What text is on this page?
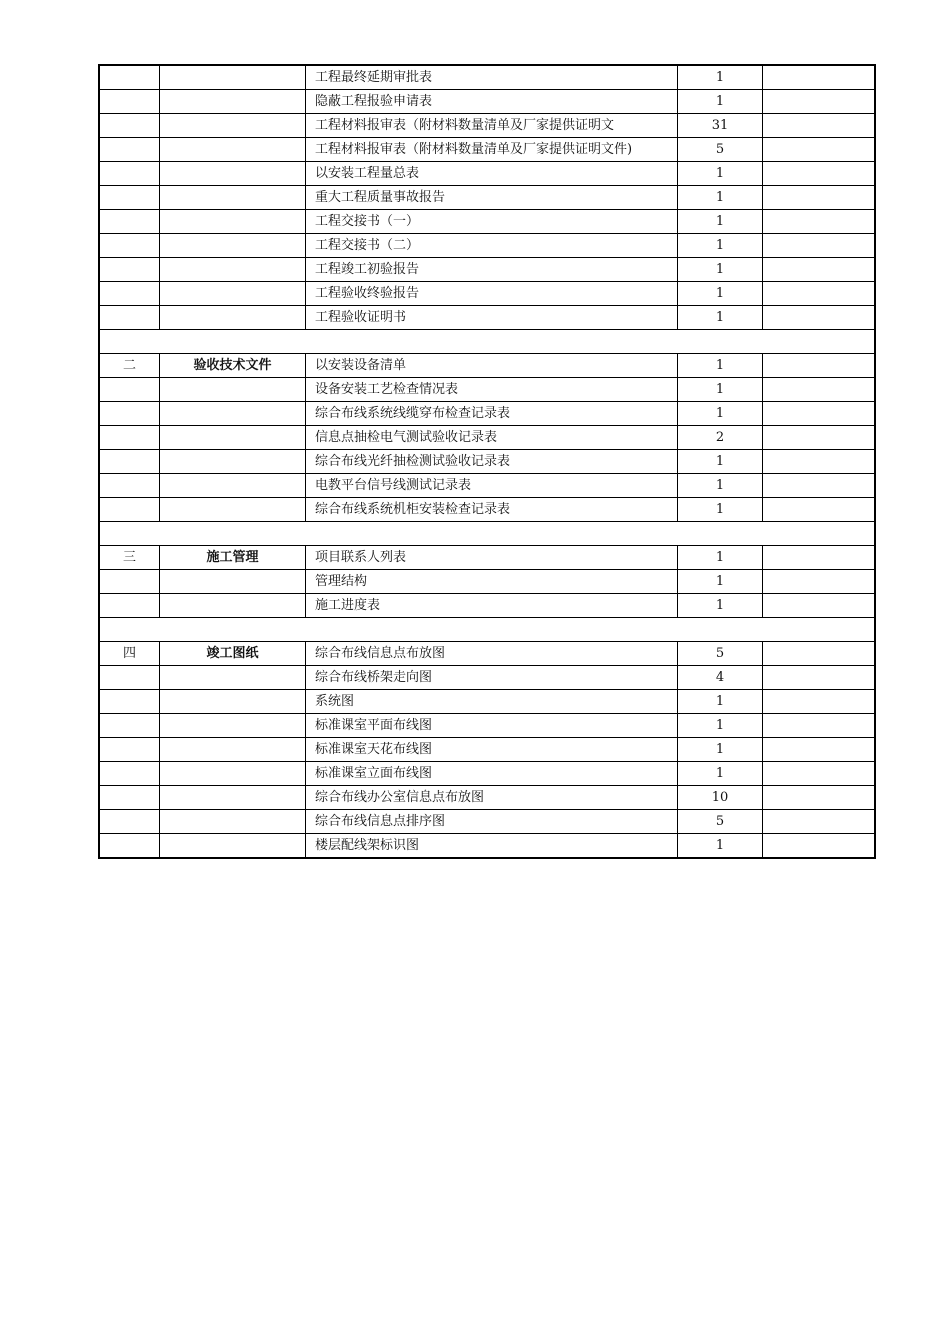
		工程最终延期审批表	1	
		隐蔽工程报验申请表	1	
		工程材料报审表（附材料数量清单及厂家提供证明文	31	
		工程材料报审表（附材料数量清单及厂家提供证明文件)	5	
		以安装工程量总表	1	
		重大工程质量事故报告	1	
		工程交接书（一）	1	
		工程交接书（二）	1	
		工程竣工初验报告	1	
		工程验收终验报告	1	
		工程验收证明书	1	

二	验收技术文件	以安装设备清单	1	
		设备安装工艺检查情况表	1	
		综合布线系统线缆穿布检查记录表	1	
		信息点抽检电气测试验收记录表	2	
		综合布线光纤抽检测试验收记录表	1	
		电教平台信号线测试记录表	1	
		综合布线系统机柜安装检查记录表	1	

三	施工管理	项目联系人列表	1	
		管理结构	1	
		施工进度表	1	

四	竣工图纸	综合布线信息点布放图	5	
		综合布线桥架走向图	4	
		系统图	1	
		标准课室平面布线图	1	
		标准课室天花布线图	1	
		标准课室立面布线图	1	
		综合布线办公室信息点布放图	10	
		综合布线信息点排序图	5	
		楼层配线架标识图	1	
